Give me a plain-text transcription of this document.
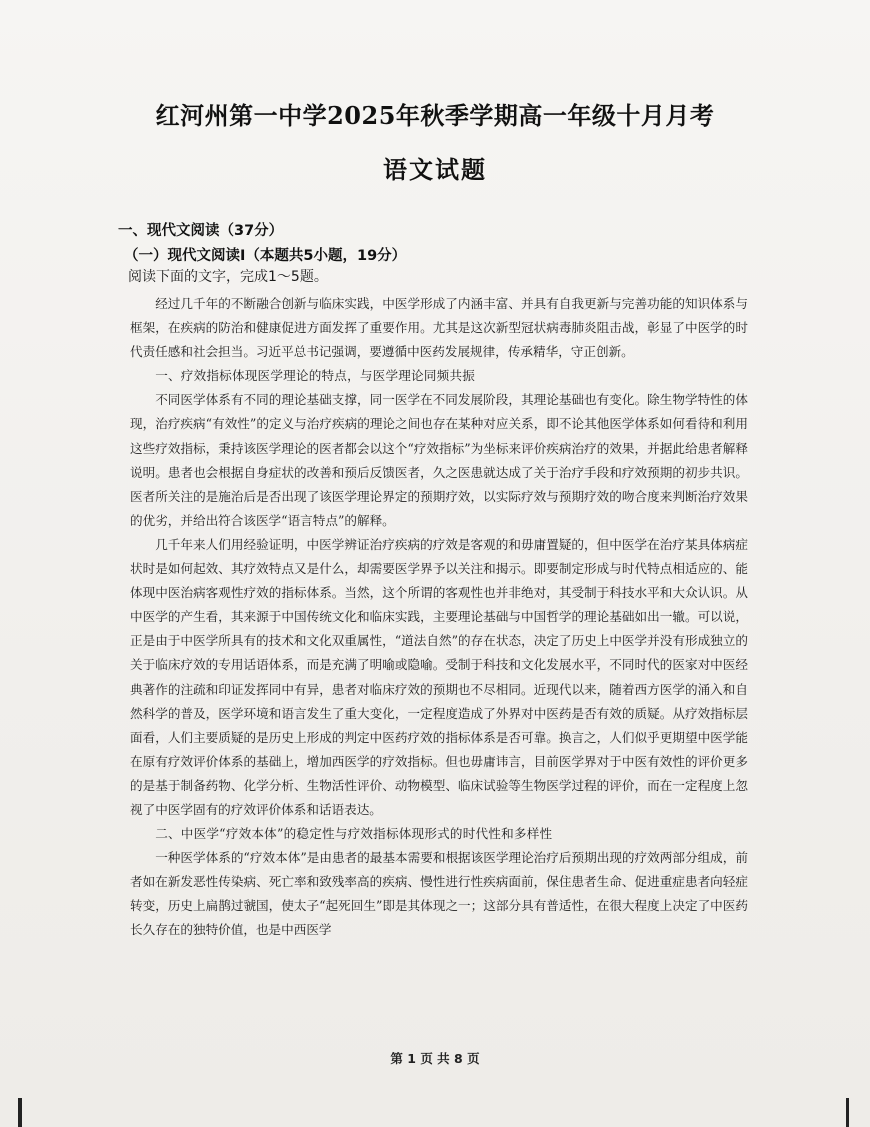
红河州第一中学2025年秋季学期高一年级十月月考
语文试题
一、现代文阅读（37分）
（一）现代文阅读I（本题共5小题，19分）
阅读下面的文字，完成1～5题。

经过几千年的不断融合创新与临床实践，中医学形成了内涵丰富、并具有自我更新与完善功能的知识体系与框架，在疾病的防治和健康促进方面发挥了重要作用。尤其是这次新型冠状病毒肺炎阻击战，彰显了中医学的时代责任感和社会担当。习近平总书记强调，要遵循中医药发展规律，传承精华，守正创新。

一、疗效指标体现医学理论的特点，与医学理论同频共振

不同医学体系有不同的理论基础支撑，同一医学在不同发展阶段，其理论基础也有变化。除生物学特性的体现，治疗疾病“有效性”的定义与治疗疾病的理论之间也存在某种对应关系，即不论其他医学体系如何看待和利用这些疗效指标，秉持该医学理论的医者都会以这个“疗效指标”为坐标来评价疾病治疗的效果，并据此给患者解释说明。患者也会根据自身症状的改善和预后反馈医者，久之医患就达成了关于治疗手段和疗效预期的初步共识。医者所关注的是施治后是否出现了该医学理论界定的预期疗效，以实际疗效与预期疗效的吻合度来判断治疗效果的优劣，并给出符合该医学“语言特点”的解释。

几千年来人们用经验证明，中医学辨证治疗疾病的疗效是客观的和毋庸置疑的，但中医学在治疗某具体病症状时是如何起效、其疗效特点又是什么，却需要医学界予以关注和揭示。即要制定形成与时代特点相适应的、能体现中医治病客观性疗效的指标体系。当然，这个所谓的客观性也并非绝对，其受制于科技水平和大众认识。从中医学的产生看，其来源于中国传统文化和临床实践，主要理论基础与中国哲学的理论基础如出一辙。可以说，正是由于中医学所具有的技术和文化双重属性，“道法自然”的存在状态，决定了历史上中医学并没有形成独立的关于临床疗效的专用话语体系，而是充满了明喻或隐喻。受制于科技和文化发展水平，不同时代的医家对中医经典著作的注疏和印证发挥同中有异，患者对临床疗效的预期也不尽相同。近现代以来，随着西方医学的涌入和自然科学的普及，医学环境和语言发生了重大变化，一定程度造成了外界对中医药是否有效的质疑。从疗效指标层面看，人们主要质疑的是历史上形成的判定中医药疗效的指标体系是否可靠。换言之，人们似乎更期望中医学能在原有疗效评价体系的基础上，增加西医学的疗效指标。但也毋庸讳言，目前医学界对于中医有效性的评价更多的是基于制备药物、化学分析、生物活性评价、动物模型、临床试验等生物医学过程的评价，而在一定程度上忽视了中医学固有的疗效评价体系和话语表达。

二、中医学“疗效本体”的稳定性与疗效指标体现形式的时代性和多样性

一种医学体系的“疗效本体”是由患者的最基本需要和根据该医学理论治疗后预期出现的疗效两部分组成，前者如在新发恶性传染病、死亡率和致残率高的疾病、慢性进行性疾病面前，保住患者生命、促进重症患者向轻症转变，历史上扁鹊过虢国，使太子“起死回生”即是其体现之一；这部分具有普适性，在很大程度上决定了中医药长久存在的独特价值，也是中西医学

第 1 页 共 8 页
